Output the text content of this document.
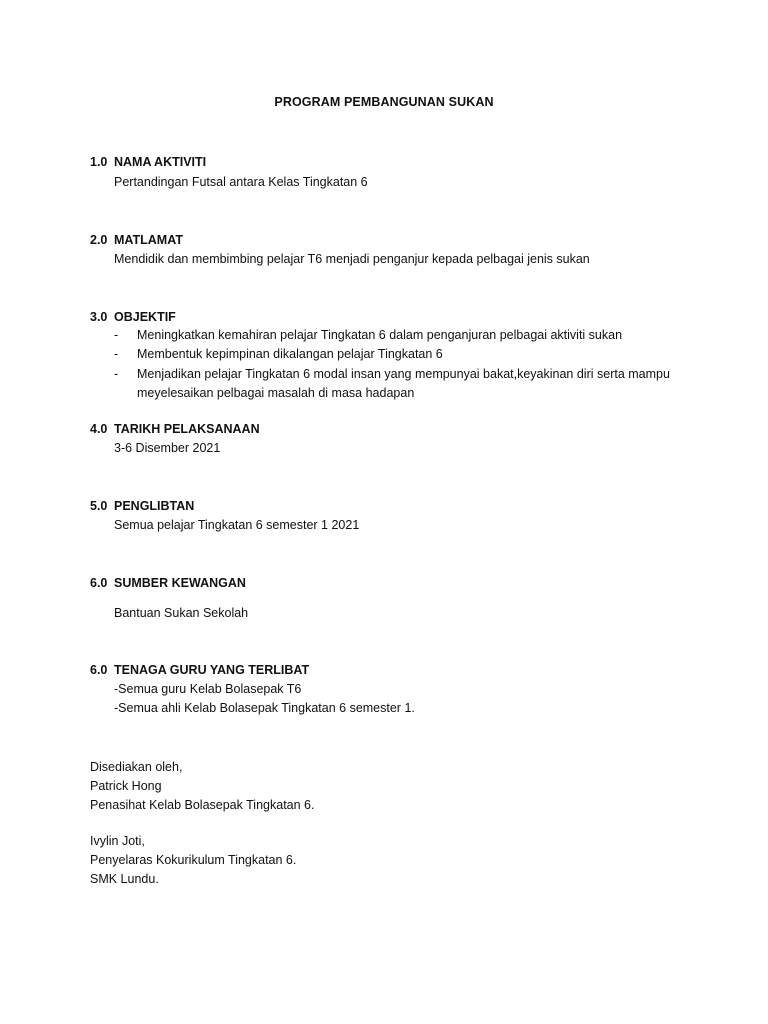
PROGRAM PEMBANGUNAN SUKAN
1.0 NAMA AKTIVITI
Pertandingan Futsal antara Kelas Tingkatan 6
2.0 MATLAMAT
Mendidik dan membimbing pelajar T6 menjadi penganjur kepada pelbagai jenis sukan
3.0 OBJEKTIF
- Meningkatkan kemahiran pelajar Tingkatan 6 dalam penganjuran pelbagai aktiviti sukan
- Membentuk kepimpinan dikalangan pelajar Tingkatan 6
- Menjadikan pelajar Tingkatan 6 modal insan yang mempunyai bakat,keyakinan diri serta mampu
meyelesaikan pelbagai masalah di masa hadapan
4.0 TARIKH PELAKSANAAN
3-6 Disember 2021
5.0 PENGLIBTAN
Semua pelajar Tingkatan 6 semester 1 2021
6.0 SUMBER KEWANGAN
Bantuan Sukan Sekolah
6.0 TENAGA GURU YANG TERLIBAT
-Semua guru Kelab Bolasepak T6
-Semua ahli Kelab Bolasepak Tingkatan 6 semester 1.
Disediakan oleh,
Patrick Hong
Penasihat Kelab Bolasepak Tingkatan 6.
Ivylin Joti,
Penyelaras Kokurikulum Tingkatan 6.
SMK Lundu.
